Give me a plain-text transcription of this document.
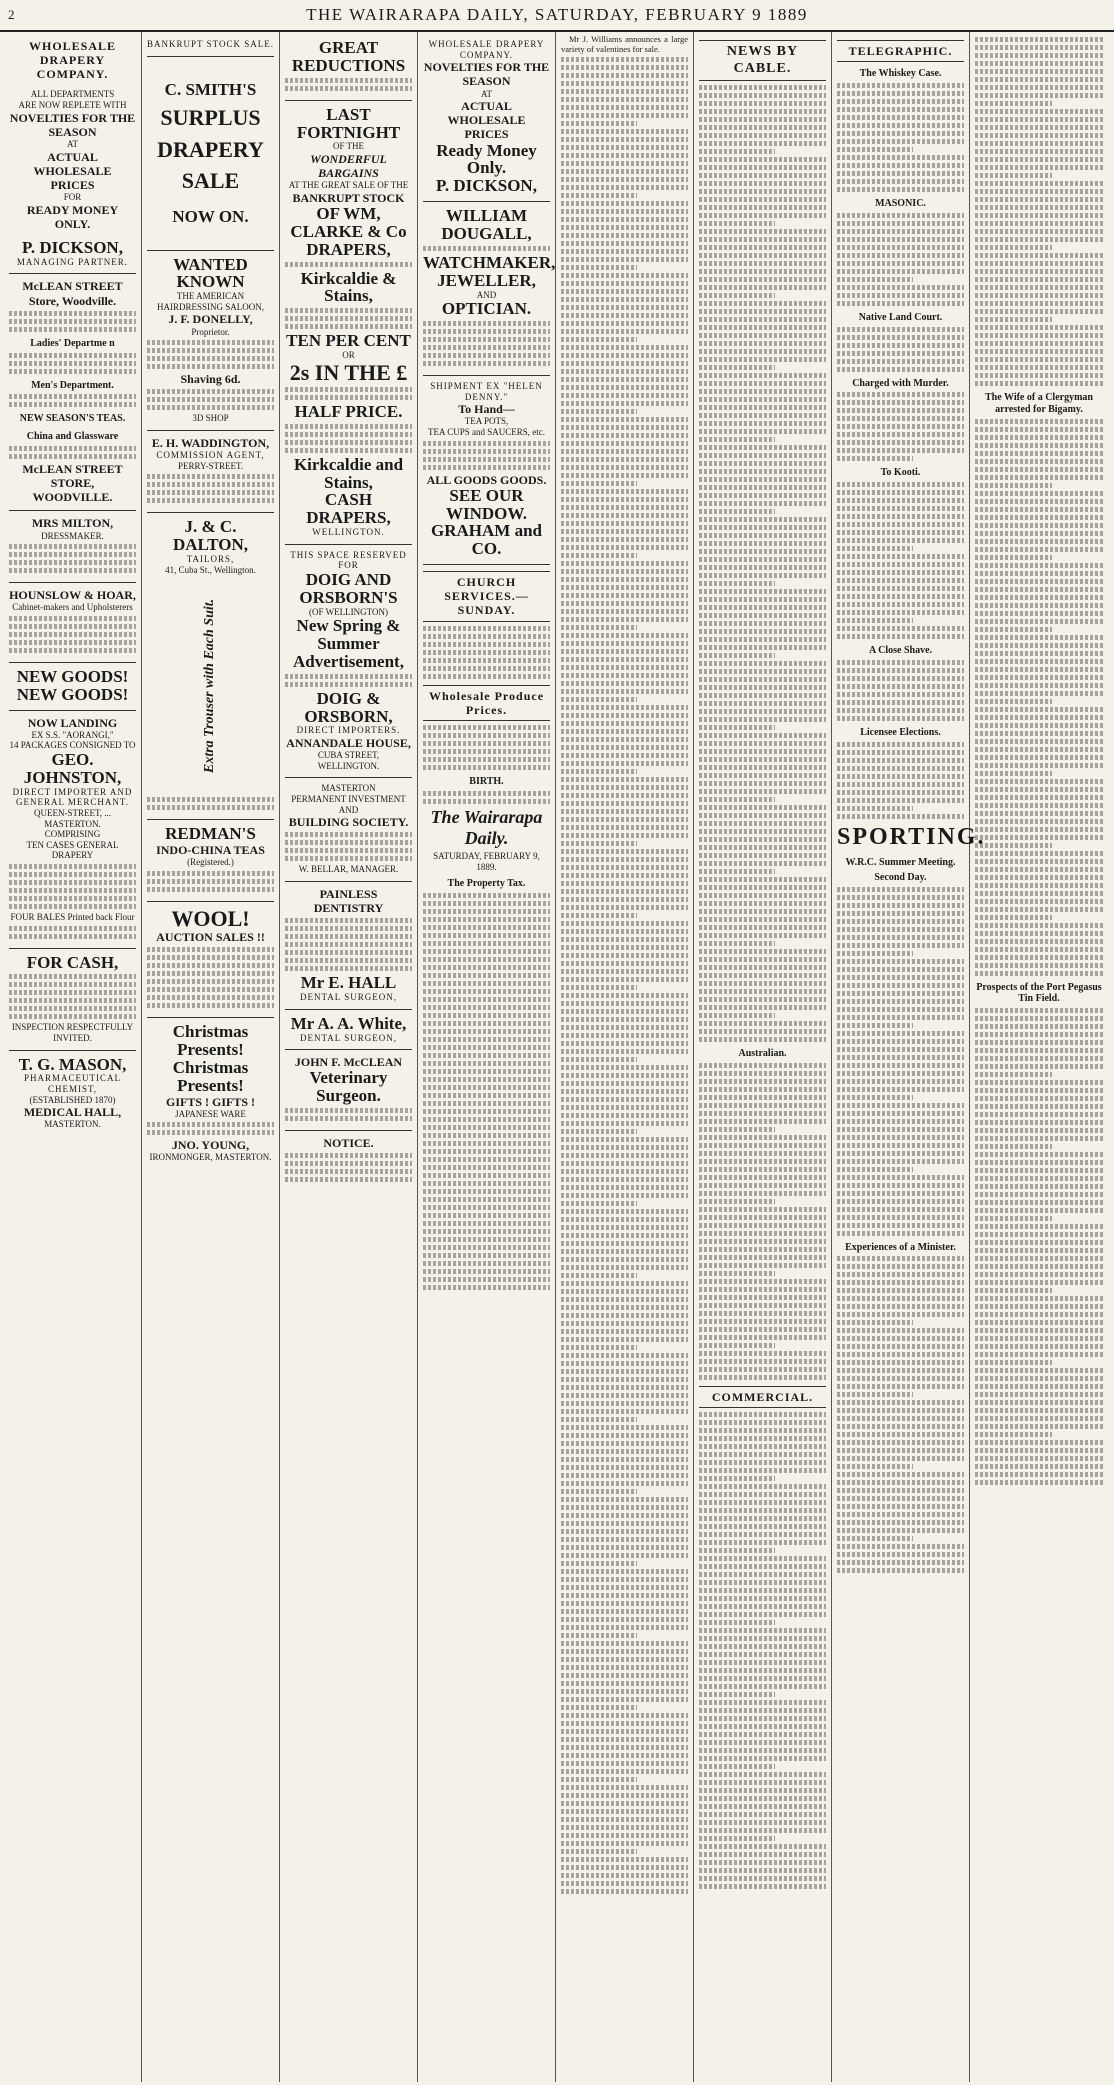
2	THE WAIRARAPA DAILY, SATURDAY, FEBRUARY 9 1889
WHOLESALE
DRAPERY
COMPANY.
ALL DEPARTMENTS
ARE NOW REPLETE WITH
NOVELTIES FOR THE
SEASON
AT
ACTUAL WHOLESALE
PRICES
FOR
READY MONEY ONLY.
P. DICKSON,
MANAGING PARTNER.
McLEAN STREET
Store, Woodville.
Ladies' Departme n
Men's Department.
NEW SEASON'S TEAS.
China and Glassware
McLEAN STREET STORE,
WOODVILLE.
MRS MILTON,
DRESSMAKER.
HOUNSLOW & HOAR,
Cabinet-makers and Upholsterers
NEW GOODS!
NEW GOODS!
NOW LANDING
EX S.S. "AORANGI,"
14 PACKAGES CONSIGNED TO
GEO. JOHNSTON,
DIRECT IMPORTER AND
GENERAL MERCHANT.
QUEEN-STREET, ... MASTERTON.
COMPRISING
TEN CASES GENERAL DRAPERY
FOUR BALES Printed back Flour
FOR CASH,
INSPECTION RESPECTFULLY
INVITED.
T. G. MASON,
PHARMACEUTICAL CHEMIST,
(ESTABLISHED 1870)
MEDICAL HALL,
MASTERTON.
BANKRUPT STOCK SALE.
C. SMITH'S
SURPLUS
DRAPERY
SALE
NOW ON.
WANTED KNOWN
THE AMERICAN HAIRDRESSING SALOON,
J. F. DONELLY,
Proprietor.
Shaving 6d.
3D SHOP
E. H. WADDINGTON,
COMMISSION AGENT,
PERRY-STREET.
J. & C. DALTON,
TAILORS,
41, Cuba St., Wellington.
Extra Trouser with Each Suit.
REDMAN'S
INDO-CHINA TEAS
(Registered.)
WOOL!
AUCTION SALES !!
Christmas Presents!
Christmas Presents!
GIFTS ! GIFTS !
JAPANESE WARE
JNO. YOUNG,
IRONMONGER, MASTERTON.
GREAT REDUCTIONS
LAST FORTNIGHT
OF THE
WONDERFUL BARGAINS
AT THE GREAT SALE OF THE
BANKRUPT STOCK
OF WM, CLARKE & Co
DRAPERS,
Kirkcaldie & Stains,
TEN PER CENT
OR
2s IN THE £
HALF PRICE.
Kirkcaldie and Stains,
CASH DRAPERS,
WELLINGTON.
THIS SPACE RESERVED FOR
DOIG AND ORSBORN'S
(OF WELLINGTON)
New Spring & Summer
Advertisement,
DOIG & ORSBORN,
DIRECT IMPORTERS.
ANNANDALE HOUSE,
CUBA STREET,
WELLINGTON.
MASTERTON
PERMANENT INVESTMENT AND
BUILDING SOCIETY.
W. BELLAR, MANAGER.
PAINLESS DENTISTRY
Mr E. HALL
DENTAL SURGEON,
Mr A. A. White,
DENTAL SURGEON,
JOHN F. McCLEAN
Veterinary Surgeon.
NOTICE.
WHOLESALE DRAPERY COMPANY.
NOVELTIES FOR THE SEASON
AT
ACTUAL WHOLESALE
PRICES
Ready Money Only.
P. DICKSON,
WILLIAM DOUGALL,
WATCHMAKER,
JEWELLER,
AND
OPTICIAN.
SHIPMENT EX "HELEN DENNY."
To Hand—
TEA POTS,
TEA CUPS and SAUCERS, etc.
ALL GOODS GOODS.
SEE OUR WINDOW.
GRAHAM and CO.
CHURCH SERVICES.—SUNDAY.
Wholesale Produce Prices.
BIRTH.
The Wairarapa Daily.
SATURDAY, FEBRUARY 9, 1889.
The Property Tax.

Mr J. Williams announces a large variety of valentines for sale.	NEWS BY CABLE.
Australian.
COMMERCIAL.
TELEGRAPHIC.
The Whiskey Case.
MASONIC.
Native Land Court.
Charged with Murder.
To Kooti.
A Close Shave.
Licensee Elections.
SPORTING.
W.R.C. Summer Meeting.
Second Day.
Experiences of a Minister.
The Wife of a Clergyman arrested for Bigamy.
Prospects of the Port Pegasus Tin Field.
